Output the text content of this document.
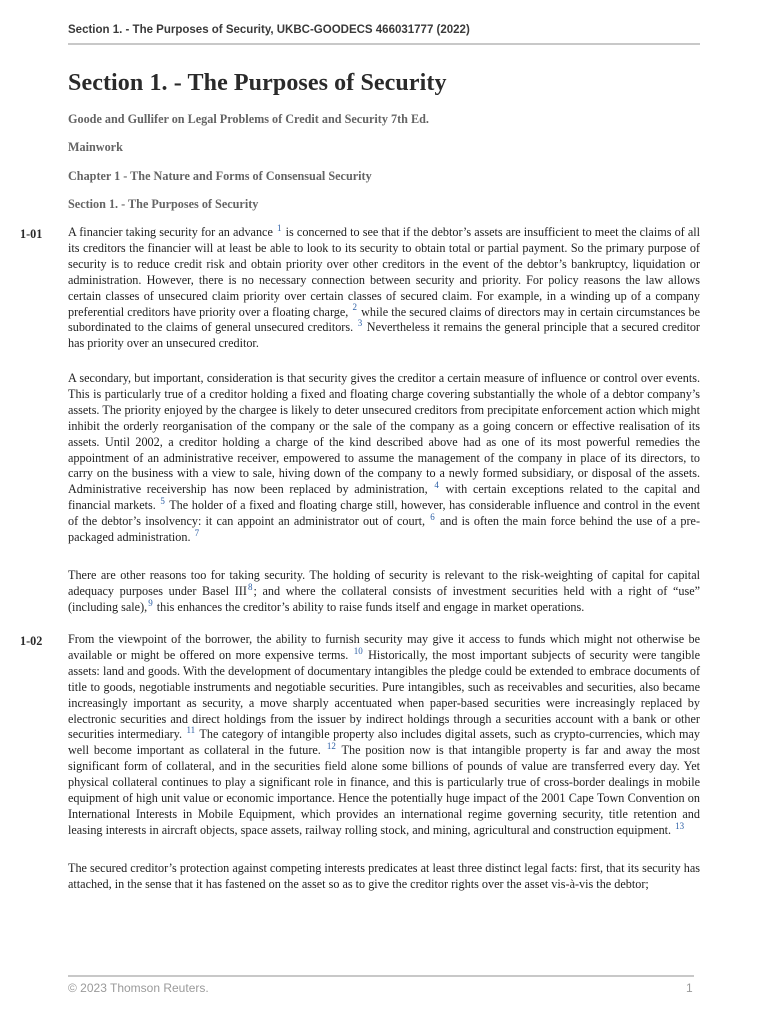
Section 1. - The Purposes of Security, UKBC-GOODECS 466031777 (2022)
Section 1. - The Purposes of Security

Goode and Gullifer on Legal Problems of Credit and Security 7th Ed.

Mainwork

Chapter 1 - The Nature and Forms of Consensual Security

Section 1. - The Purposes of Security

1-01 A financier taking security for an advance $^1$ is concerned to see that if the debtor’s assets are insufficient to meet the claims of all its creditors the financier will at least be able to look to its security to obtain total or partial payment. So the primary purpose of security is to reduce credit risk and obtain priority over other creditors in the event of the debtor’s bankruptcy, liquidation or administration. However, there is no necessary connection between security and priority. For policy reasons the law allows certain classes of unsecured claim priority over certain classes of secured claim. For example, in a winding up of a company preferential creditors have priority over a floating charge, $^2$ while the secured claims of directors may in certain circumstances be subordinated to the claims of general unsecured creditors. $^3$ Nevertheless it remains the general principle that a secured creditor has priority over an unsecured creditor.

A secondary, but important, consideration is that security gives the creditor a certain measure of influence or control over events. This is particularly true of a creditor holding a fixed and floating charge covering substantially the whole of a debtor company’s assets. The priority enjoyed by the chargee is likely to deter unsecured creditors from precipitate enforcement action which might inhibit the orderly reorganisation of the company or the sale of the company as a going concern or effective realisation of its assets. Until 2002, a creditor holding a charge of the kind described above had as one of its most powerful remedies the appointment of an administrative receiver, empowered to assume the management of the company in place of its directors, to carry on the business with a view to sale, hiving down of the company to a newly formed subsidiary, or disposal of the assets. Administrative receivership has now been replaced by administration, $^4$ with certain exceptions related to the capital and financial markets. $^5$ The holder of a fixed and floating charge still, however, has considerable influence and control in the event of the debtor’s insolvency: it can appoint an administrator out of court, $^6$ and is often the main force behind the use of a pre-packaged administration. $^7$

There are other reasons too for taking security. The holding of security is relevant to the risk-weighting of capital for capital adequacy purposes under Basel III$^8$; and where the collateral consists of investment securities held with a right of “use” (including sale),$^9$ this enhances the creditor’s ability to raise funds itself and engage in market operations.

1-02 From the viewpoint of the borrower, the ability to furnish security may give it access to funds which might not otherwise be available or might be offered on more expensive terms. $^{10}$ Historically, the most important subjects of security were tangible assets: land and goods. With the development of documentary intangibles the pledge could be extended to embrace documents of title to goods, negotiable instruments and negotiable securities. Pure intangibles, such as receivables and securities, also became increasingly important as security, a move sharply accentuated when paper-based securities were increasingly replaced by electronic securities and direct holdings from the issuer by indirect holdings through a securities account with a bank or other securities intermediary. $^{11}$ The category of intangible property also includes digital assets, such as crypto-currencies, which may well become important as collateral in the future. $^{12}$ The position now is that intangible property is far and away the most significant form of collateral, and in the securities field alone some billions of pounds of value are transferred every day. Yet physical collateral continues to play a significant role in finance, and this is particularly true of cross-border dealings in mobile equipment of high unit value or economic importance. Hence the potentially huge impact of the 2001 Cape Town Convention on International Interests in Mobile Equipment, which provides an international regime governing security, title retention and leasing interests in aircraft objects, space assets, railway rolling stock, and mining, agricultural and construction equipment. $^{13}$

The secured creditor’s protection against competing interests predicates at least three distinct legal facts: first, that its security has attached, in the sense that it has fastened on the asset so as to give the creditor rights over the asset vis-à-vis the debtor;

© 2023 Thomson Reuters.	1
